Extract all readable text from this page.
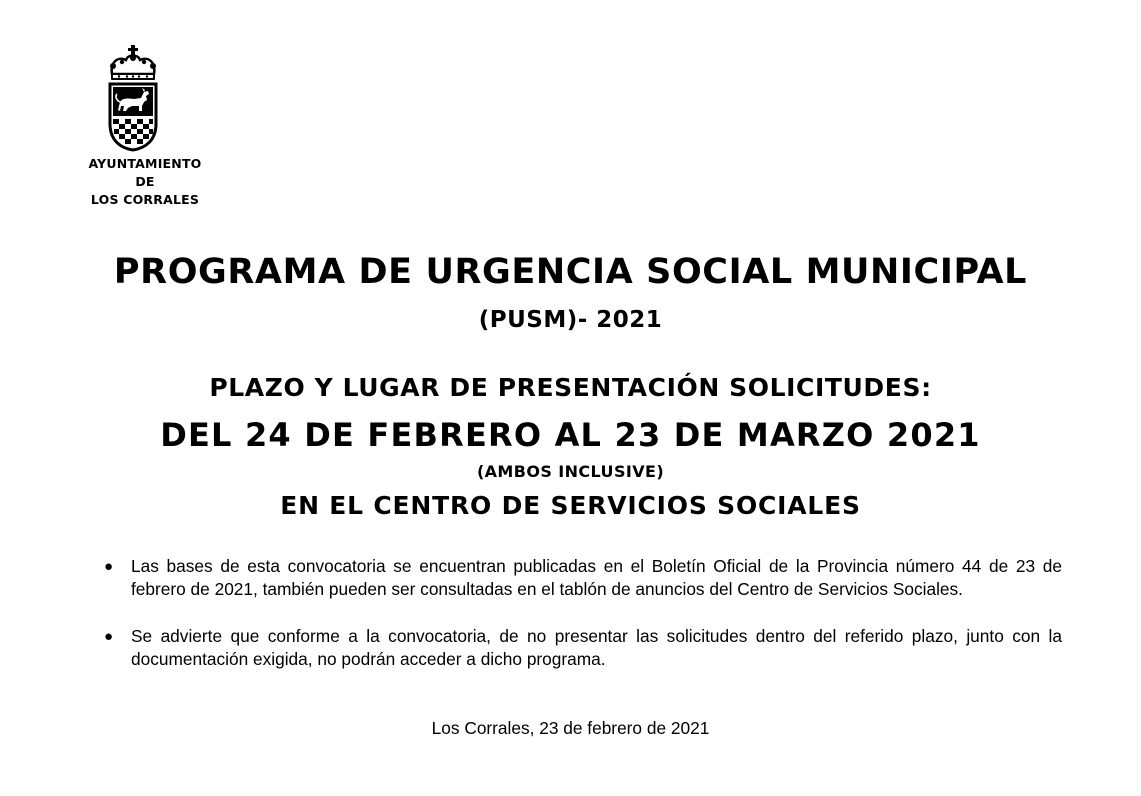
AYUNTAMIENTO
DE
LOS CORRALES
PROGRAMA DE URGENCIA SOCIAL MUNICIPAL
(PUSM)- 2021
PLAZO Y LUGAR DE PRESENTACIÓN SOLICITUDES:
DEL 24 DE FEBRERO AL 23 DE MARZO 2021
(AMBOS INCLUSIVE)
EN EL CENTRO DE SERVICIOS SOCIALES
● Las bases de esta convocatoria se encuentran publicadas en el Boletín Oficial de la Provincia número 44 de 23 de febrero de 2021, también pueden ser consultadas en el tablón de anuncios del Centro de Servicios Sociales.
● Se advierte que conforme a la convocatoria, de no presentar las solicitudes dentro del referido plazo, junto con la documentación exigida, no podrán acceder a dicho programa.
Los Corrales, 23 de febrero de 2021
